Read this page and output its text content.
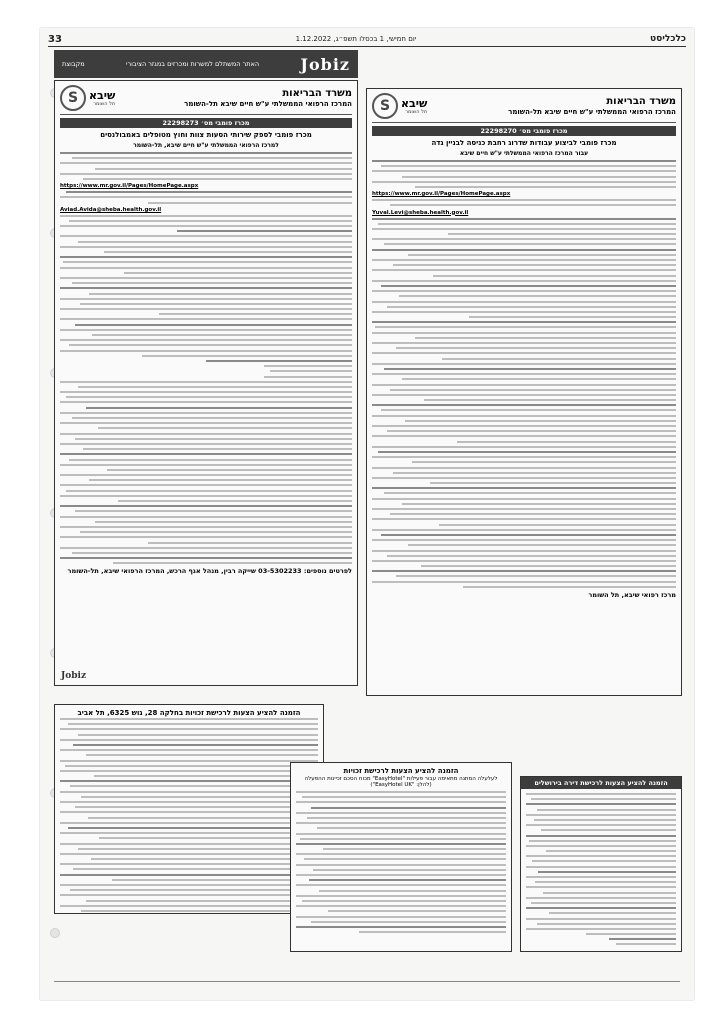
33	יום חמישי, 1 בכסלו תשפ״ג, 1.12.2022	כלכליסט
Jobiz
האתר המשתלם למשרות ומכרזים במגזר הציבורי
מקבוצת
משרד הבריאות
המרכז הרפואי הממשלתי ע"ש חיים שיבא תל-השומר
S שיבא
תל השומר
מכרז פומבי מס׳ 22298273
מכרז פומבי לספק שירותי הסעות צוות וחוץ מטופלים באמבולנסים
למרכז הרפואי הממשלתי ע"ש חיים שיבא, תל-השומר
https://www.mr.gov.il/Pages/HomePage.aspx
Aviad.Avida@sheba.health.gov.il
לפרטים נוספים: 03-5302233 שייקה רבין, מנהל אגף הרכש, המרכז הרפואי שיבא, תל-השומר
Jobiz
משרד הבריאות
המרכז הרפואי הממשלתי ע"ש חיים שיבא תל-השומר
S שיבא
תל השומר
מכרז פומבי מס׳ 22298270
מכרז פומבי לביצוע עבודות שדרוג רחבת כניסה לבניין גדה
עבור המרכז הרפואי הממשלתי ע"ש חיים שיבא
https://www.mr.gov.il/Pages/HomePage.aspx
Yuval.Levi@sheba.health.gov.il
מרכז רפואי שיבא, תל השומר
הזמנה להציע הצעות לרכישת זכויות בחלקה 28, גוש 6325, תל אביב
הזמנה להציע הצעות לרכישת זכויות
לעלעלה המתנה מתאימה עבור פעילות "EasyHotel" מכוח הסכם זכיינות ההפעלה (להלן: "EasyHotel UK")	הזמנה להציע הצעות לרכישת דירה בירושלים
